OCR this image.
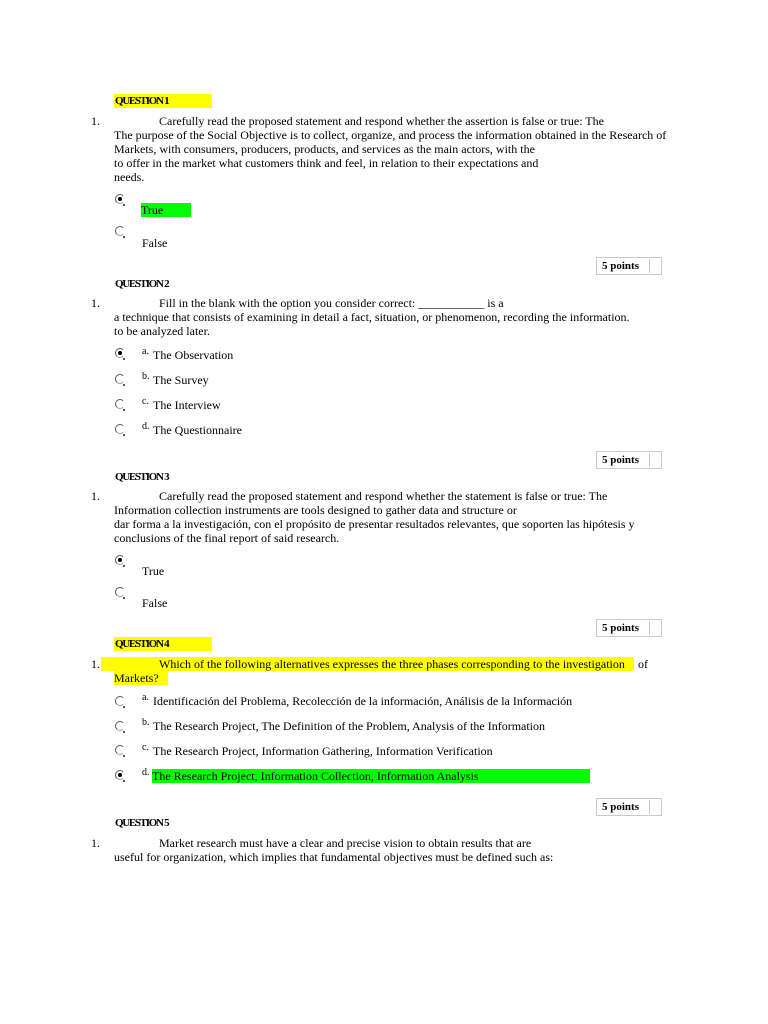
QUESTION 1
1.	Carefully read the proposed statement and respond whether the assertion is false or true: The
The purpose of the Social Objective is to collect, organize, and process the information obtained in the Research of
Markets, with consumers, producers, products, and services as the main actors, with the
to offer in the market what customers think and feel, in relation to their expectations and
needs.
True
False
5 points
QUESTION 2
1.	Fill in the blank with the option you consider correct: ___________ is a
a technique that consists of examining in detail a fact, situation, or phenomenon, recording the information.
to be analyzed later.
a. The Observation
b. The Survey
c. The Interview
d. The Questionnaire
5 points
QUESTION 3
1.	Carefully read the proposed statement and respond whether the statement is false or true: The
Information collection instruments are tools designed to gather data and structure or
dar forma a la investigación, con el propósito de presentar resultados relevantes, que soporten las hipótesis y
conclusions of the final report of said research.
True
False
5 points
QUESTION 4
1.	Which of the following alternatives expresses the three phases corresponding to the investigation of
Markets?
a. Identificación del Problema, Recolección de la información, Análisis de la Información
b. The Research Project, The Definition of the Problem, Analysis of the Information
c. The Research Project, Information Gathering, Information Verification
d. The Research Project, Information Collection, Information Analysis
5 points
QUESTION 5
1.	Market research must have a clear and precise vision to obtain results that are
useful for organization, which implies that fundamental objectives must be defined such as:
